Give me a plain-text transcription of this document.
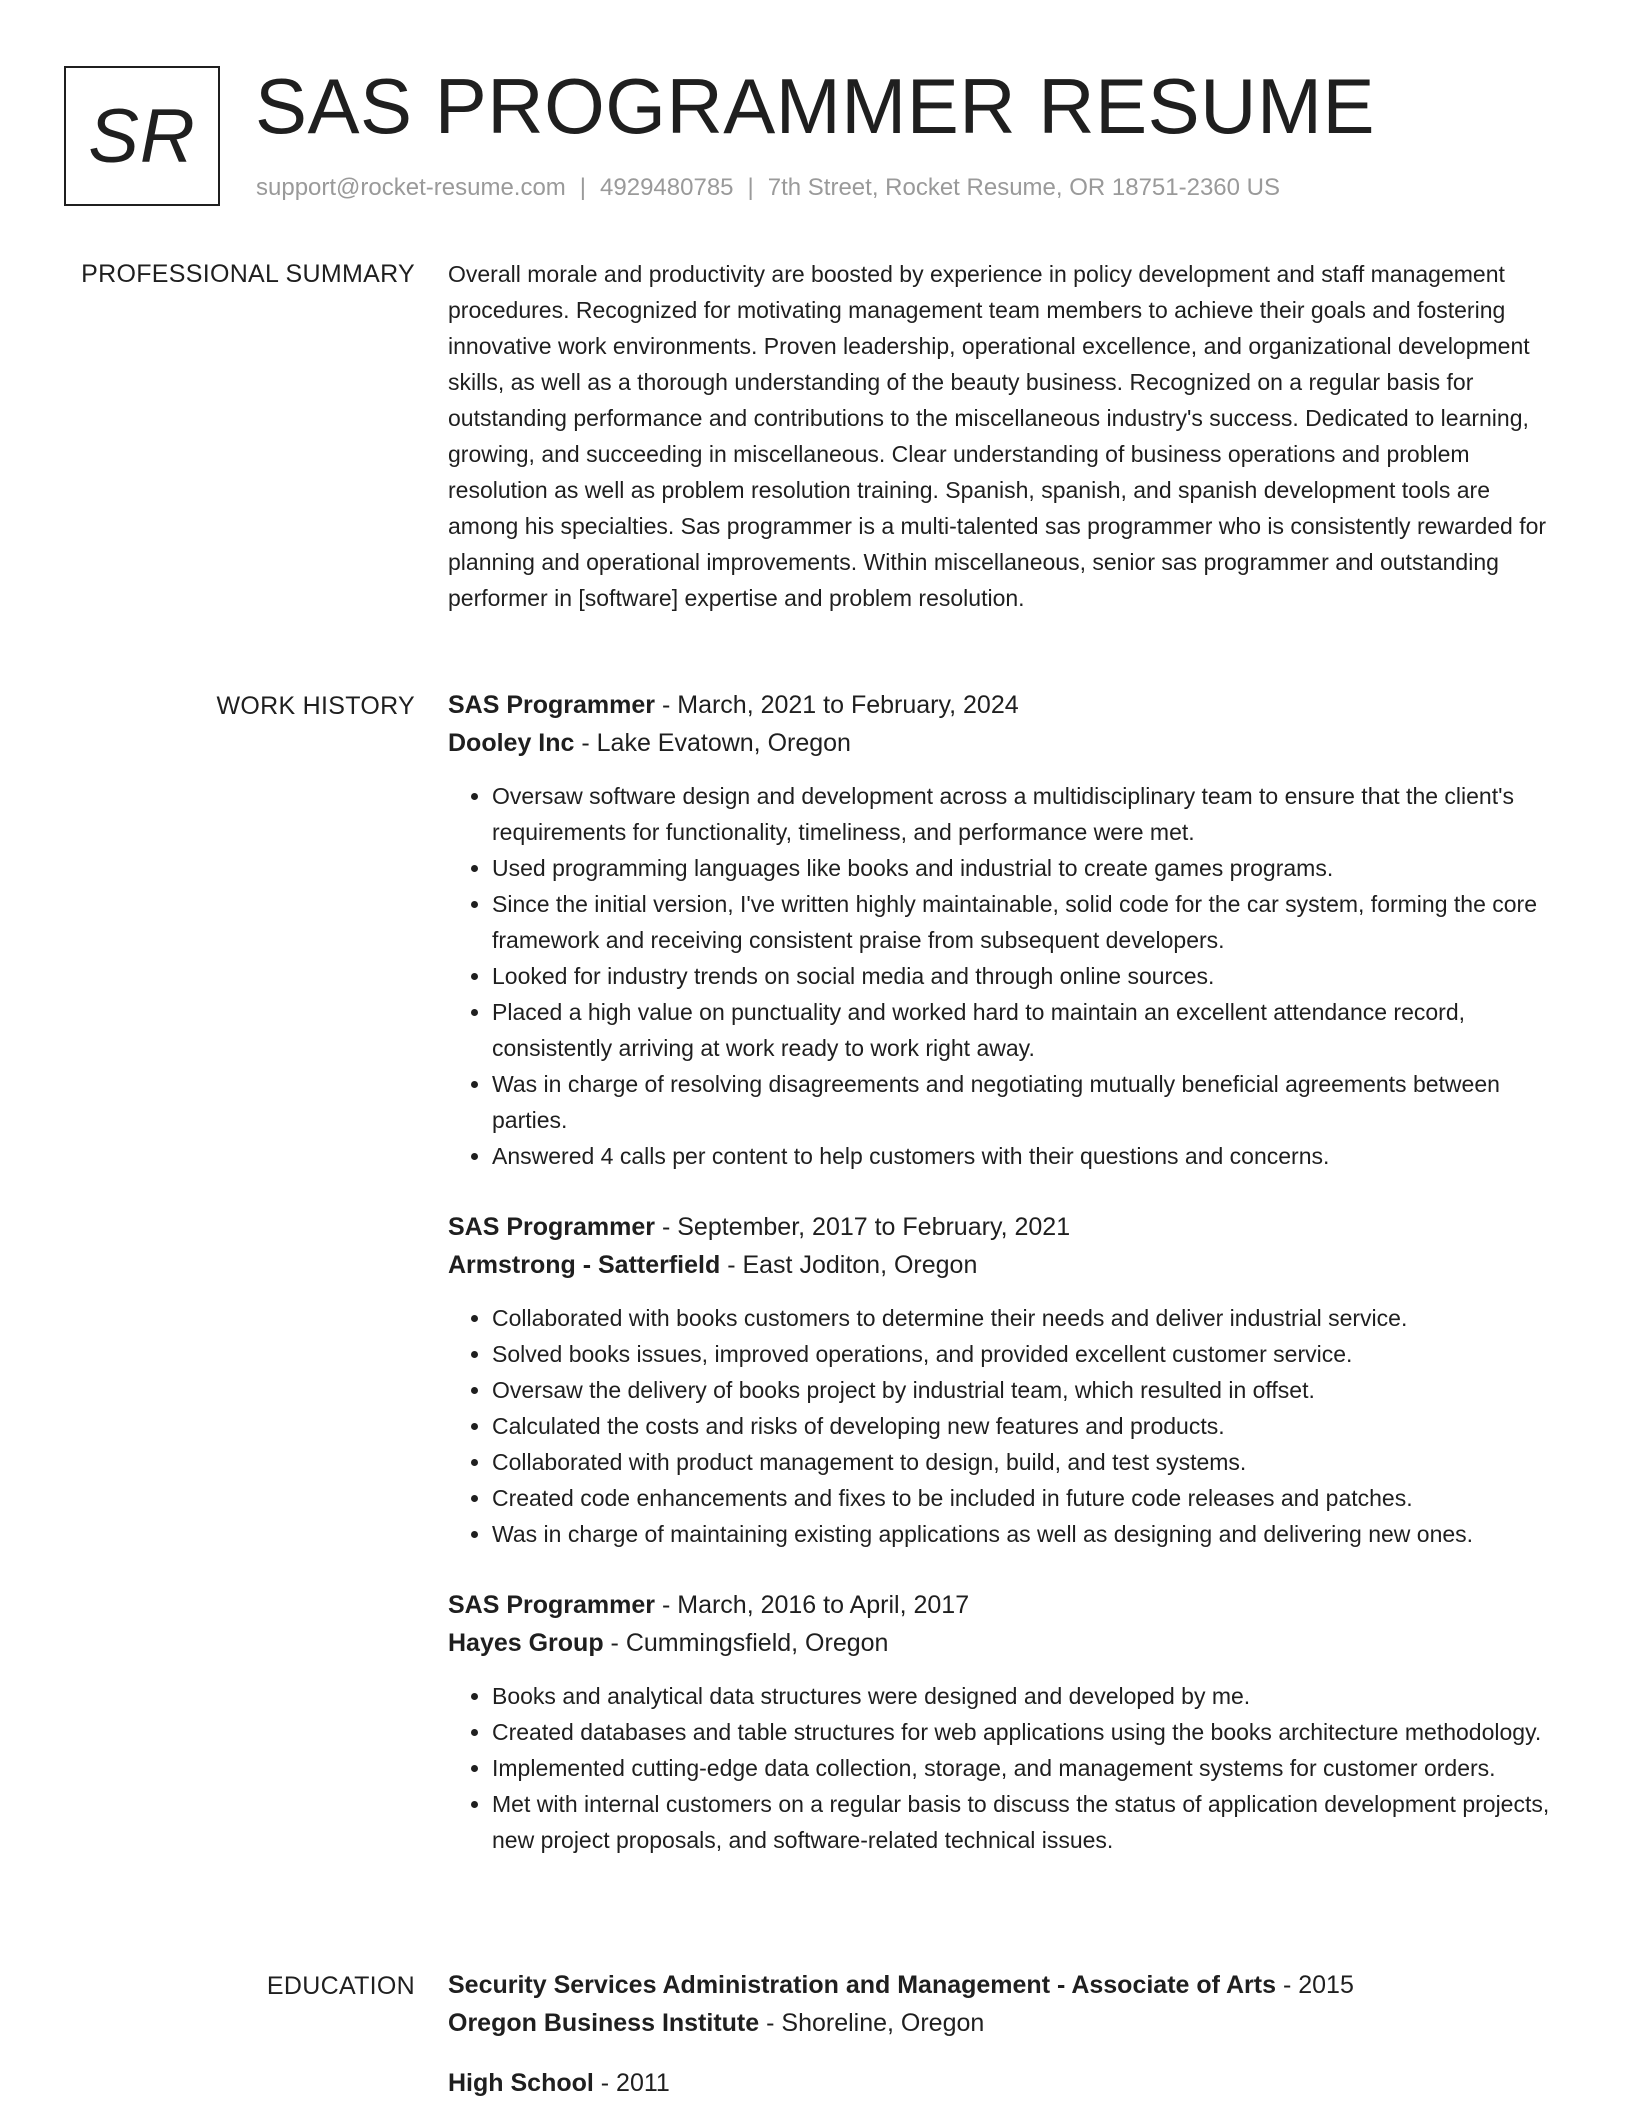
SR SAS PROGRAMMER RESUME
support@rocket-resume.com | 4929480785 | 7th Street, Rocket Resume, OR 18751-2360 US
PROFESSIONAL SUMMARY Overall morale and productivity are boosted by experience in policy development and staff management procedures. Recognized for motivating management team members to achieve their goals and fostering innovative work environments. Proven leadership, operational excellence, and organizational development skills, as well as a thorough understanding of the beauty business. Recognized on a regular basis for outstanding performance and contributions to the miscellaneous industry's success. Dedicated to learning, growing, and succeeding in miscellaneous. Clear understanding of business operations and problem resolution as well as problem resolution training. Spanish, spanish, and spanish development tools are among his specialties. Sas programmer is a multi-talented sas programmer who is consistently rewarded for planning and operational improvements. Within miscellaneous, senior sas programmer and outstanding performer in [software] expertise and problem resolution.
WORK HISTORY SAS Programmer - March, 2021 to February, 2024
Dooley Inc - Lake Evatown, Oregon
• Oversaw software design and development across a multidisciplinary team to ensure that the client's requirements for functionality, timeliness, and performance were met.
• Used programming languages like books and industrial to create games programs.
• Since the initial version, I've written highly maintainable, solid code for the car system, forming the core framework and receiving consistent praise from subsequent developers.
• Looked for industry trends on social media and through online sources.
• Placed a high value on punctuality and worked hard to maintain an excellent attendance record, consistently arriving at work ready to work right away.
• Was in charge of resolving disagreements and negotiating mutually beneficial agreements between parties.
• Answered 4 calls per content to help customers with their questions and concerns.
SAS Programmer - September, 2017 to February, 2021
Armstrong - Satterfield - East Joditon, Oregon
• Collaborated with books customers to determine their needs and deliver industrial service.
• Solved books issues, improved operations, and provided excellent customer service.
• Oversaw the delivery of books project by industrial team, which resulted in offset.
• Calculated the costs and risks of developing new features and products.
• Collaborated with product management to design, build, and test systems.
• Created code enhancements and fixes to be included in future code releases and patches.
• Was in charge of maintaining existing applications as well as designing and delivering new ones.
SAS Programmer - March, 2016 to April, 2017
Hayes Group - Cummingsfield, Oregon
• Books and analytical data structures were designed and developed by me.
• Created databases and table structures for web applications using the books architecture methodology.
• Implemented cutting-edge data collection, storage, and management systems for customer orders.
• Met with internal customers on a regular basis to discuss the status of application development projects, new project proposals, and software-related technical issues.
EDUCATION Security Services Administration and Management - Associate of Arts - 2015
Oregon Business Institute - Shoreline, Oregon
High School - 2011
